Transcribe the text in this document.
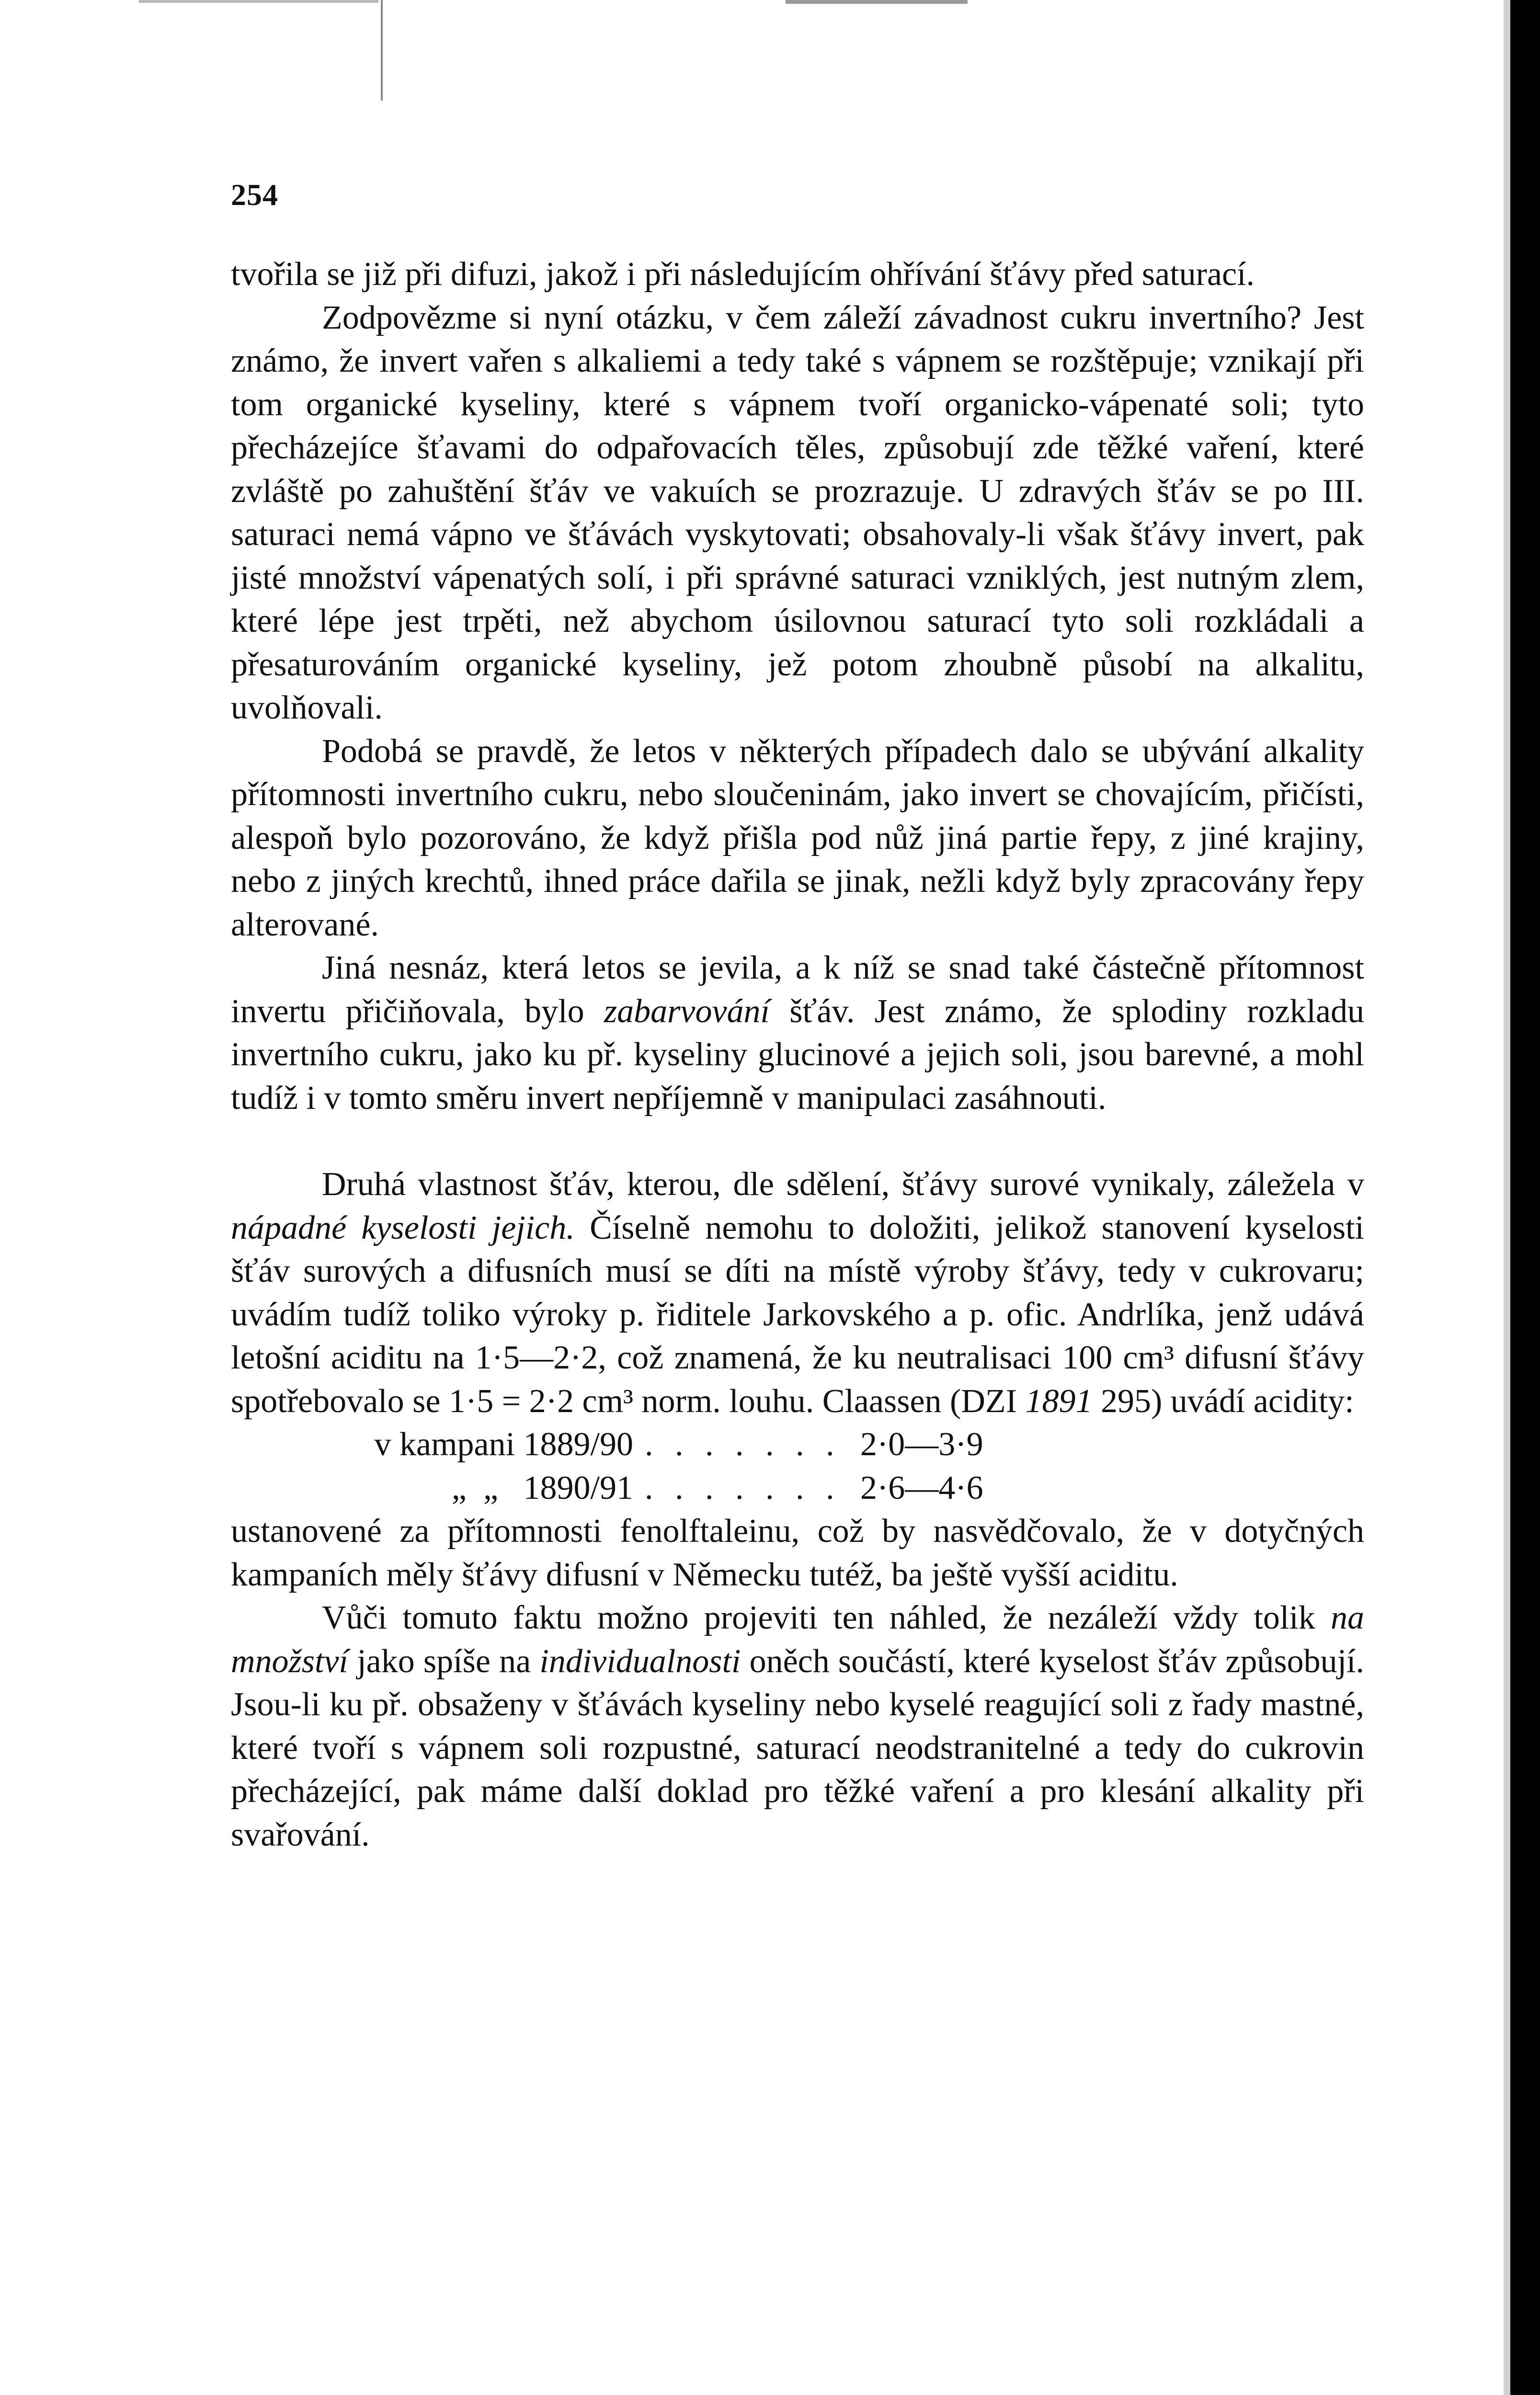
254

tvořila se již při difuzi, jakož i při následujícím ohřívání šťávy před saturací.

Zodpovězme si nyní otázku, v čem záleží závadnost cukru invertního? Jest známo, že invert vařen s alkaliemi a tedy také s vápnem se rozštěpuje; vznikají při tom organické kyseliny, které s vápnem tvoří organicko-vápenaté soli; tyto přecházejíce šťavami do odpařovacích těles, způsobují zde těžké vaření, které zvláště po zahuštění šťáv ve vakuích se prozrazuje. U zdravých šťáv se po III. saturaci nemá vápno ve šťávách vyskytovati; obsahovaly-li však šťávy invert, pak jisté množství vápenatých solí, i při správné saturaci vzniklých, jest nutným zlem, které lépe jest trpěti, než abychom úsilovnou saturací tyto soli rozkládali a přesaturováním organické kyseliny, jež potom zhoubně působí na alkalitu, uvolňovali.

Podobá se pravdě, že letos v některých případech dalo se ubývání alkality přítomnosti invertního cukru, nebo sloučeninám, jako invert se chovajícím, přičísti, alespoň bylo pozorováno, že když přišla pod nůž jiná partie řepy, z jiné krajiny, nebo z jiných krechtů, ihned práce dařila se jinak, nežli když byly zpracovány řepy alterované.

Jiná nesnáz, která letos se jevila, a k níž se snad také částečně přítomnost invertu přičiňovala, bylo zabarvování šťáv. Jest známo, že splodiny rozkladu invertního cukru, jako ku př. kyseliny glucinové a jejich soli, jsou barevné, a mohl tudíž i v tomto směru invert nepříjemně v manipulaci zasáhnouti.

Druhá vlastnost šťáv, kterou, dle sdělení, šťávy surové vynikaly, záležela v nápadné kyselosti jejich. Číselně nemohu to doložiti, jelikož stanovení kyselosti šťáv surových a difusních musí se díti na místě výroby šťávy, tedy v cukrovaru; uvádím tudíž toliko výroky p. řiditele Jarkovského a p. ofic. Andrlíka, jenž udává letošní aciditu na 1·5—2·2, což znamená, že ku neutralisaci 100 cm³ difusní šťávy spotřebovalo se 1·5 = 2·2 cm³ norm. louhu. Claassen (DZI 1891 295) uvádí acidity:

v kampani 1889/90 . . . . . . . 2·0—3·9
„  „   1890/91 . . . . . . . 2·6—4·6

ustanovené za přítomnosti fenolftaleinu, což by nasvědčovalo, že v dotyčných kampaních měly šťávy difusní v Německu tutéž, ba ještě vyšší aciditu.

Vůči tomuto faktu možno projeviti ten náhled, že nezáleží vždy tolik na množství jako spíše na individualnosti oněch součástí, které kyselost šťáv způsobují. Jsou-li ku př. obsaženy v šťávách kyseliny nebo kyselé reagující soli z řady mastné, které tvoří s vápnem soli rozpustné, saturací neodstranitelné a tedy do cukrovin přecházející, pak máme další doklad pro těžké vaření a pro klesání alkality při svařování.
